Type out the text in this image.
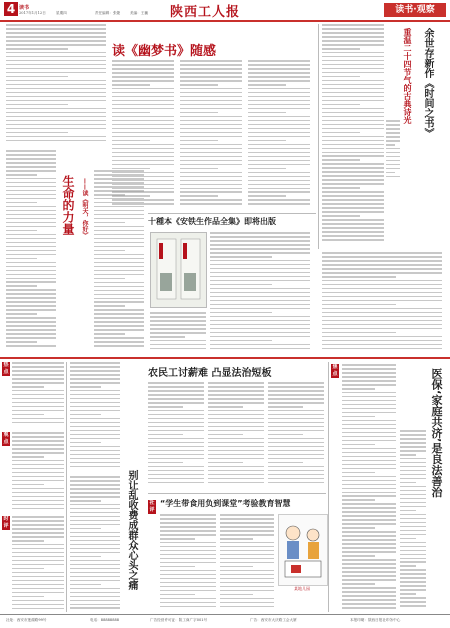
4 读书
2017年1月12日	星期四	责任编辑：张婕	美编：王巍 陕西工人报	读书·观察
读《幽梦书》随感	余世存新作《时间之书》
重温二十四节气的古典诗光
生命的力量	——读《明天，你好》	十種本《安铁生作品全集》即将出版
热点
观点
时评	别让乱收费成群众心头之痛
农民工讨薪难 凸显法治短板
焦点	医保‘家庭共济’是良法善治
社评
“学生带食用负到课堂”考验教育智慧
某地儿园
社址：西安市莲湖路99号	电话：88888888	广告经营许可证：陕工商广字001号	广告：西安市大庆路工会大厦	本报印刷：陕西日报社印务中心
